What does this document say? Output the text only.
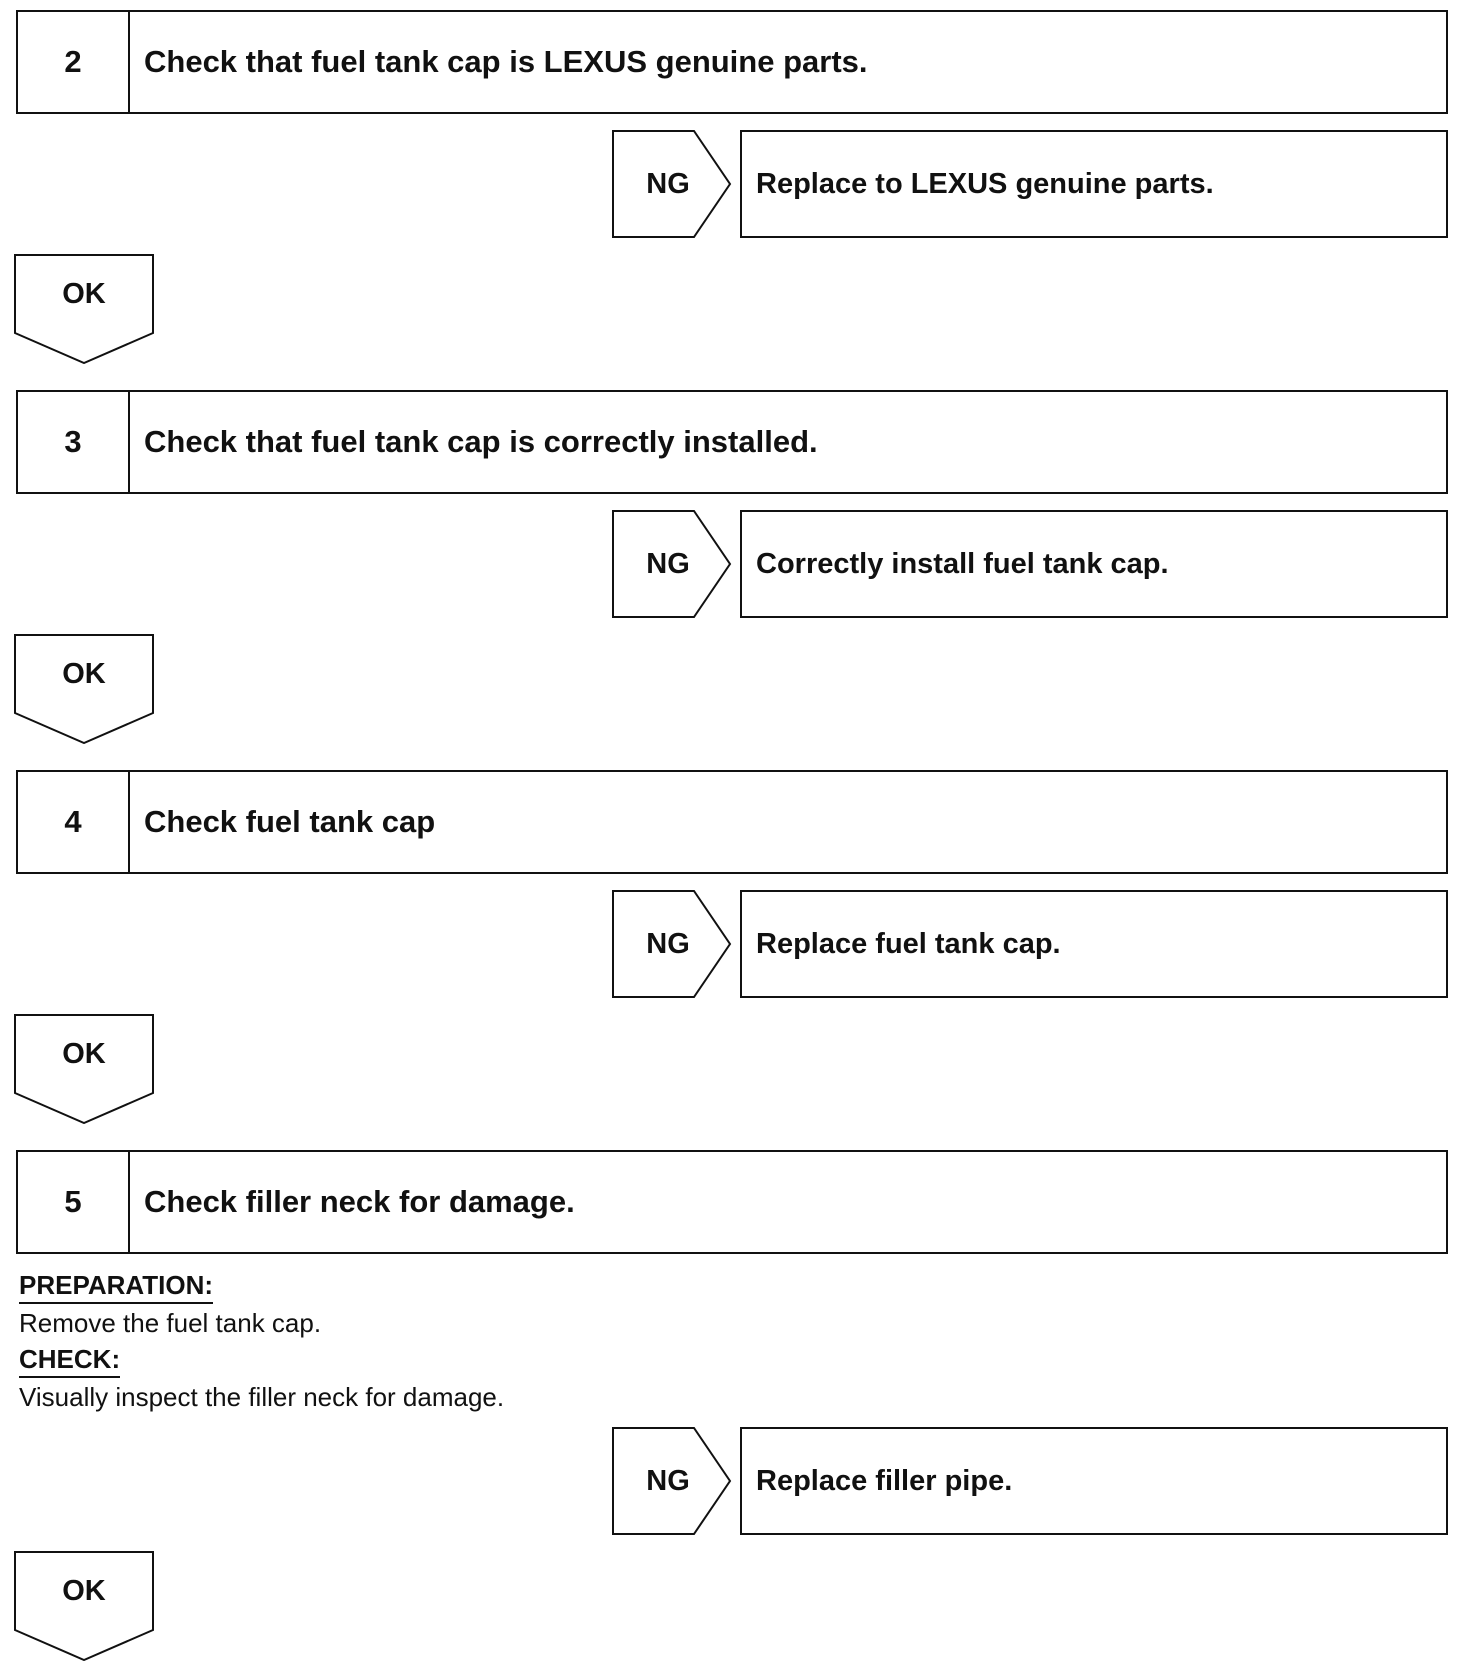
2	Check that fuel tank cap is LEXUS genuine parts.
NG	Replace to LEXUS genuine parts.
OK
3	Check that fuel tank cap is correctly installed.
NG	Correctly install fuel tank cap.
OK
4	Check fuel tank cap
NG	Replace fuel tank cap.
OK
5	Check filler neck for damage.
PREPARATION:
Remove the fuel tank cap.
CHECK:
Visually inspect the filler neck for damage.
NG	Replace filler pipe.
OK
